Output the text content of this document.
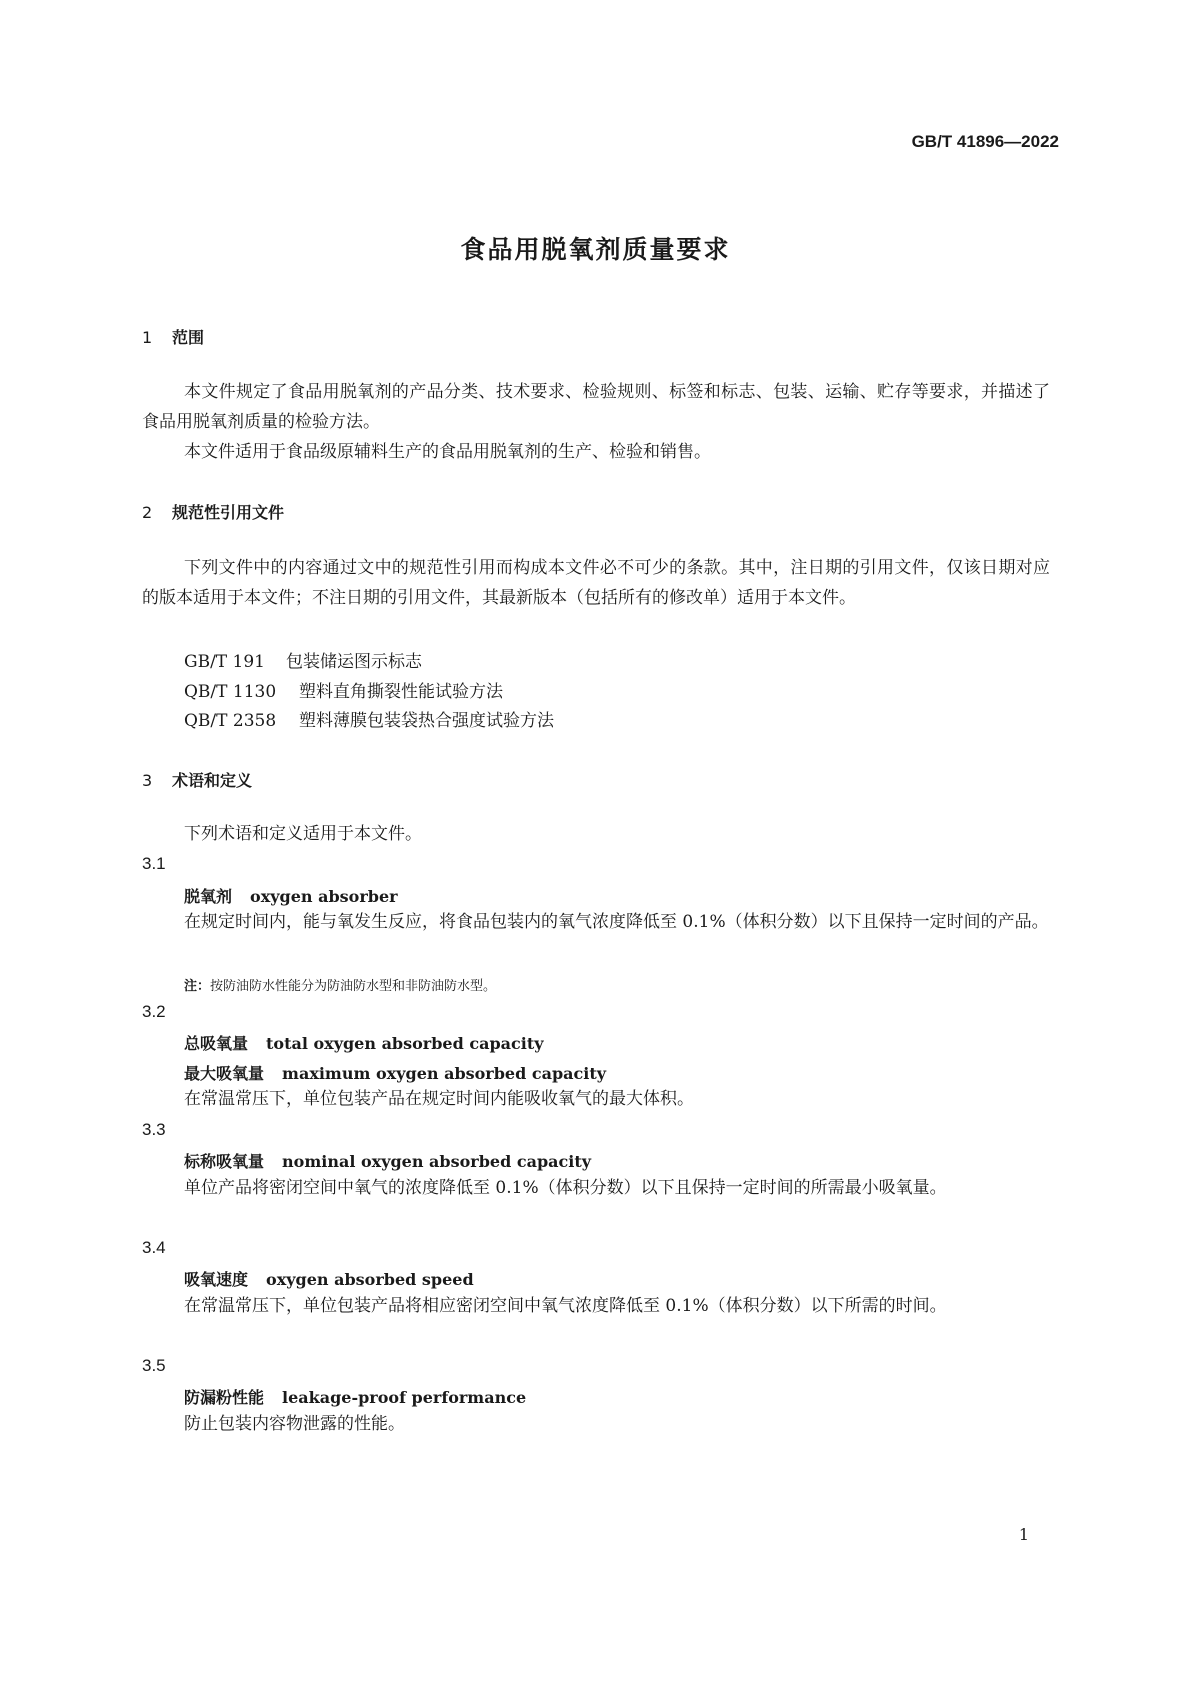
GB/T 41896—2022
食品用脱氧剂质量要求
1 范围
本文件规定了食品用脱氧剂的产品分类、技术要求、检验规则、标签和标志、包装、运输、贮存等要求，并描述了食品用脱氧剂质量的检验方法。
本文件适用于食品级原辅料生产的食品用脱氧剂的生产、检验和销售。
2 规范性引用文件
下列文件中的内容通过文中的规范性引用而构成本文件必不可少的条款。其中，注日期的引用文件，仅该日期对应的版本适用于本文件；不注日期的引用文件，其最新版本（包括所有的修改单）适用于本文件。
GB/T 191 包装储运图示标志
QB/T 1130 塑料直角撕裂性能试验方法
QB/T 2358 塑料薄膜包装袋热合强度试验方法
3 术语和定义
下列术语和定义适用于本文件。
3.1
脱氧剂 oxygen absorber
在规定时间内，能与氧发生反应，将食品包装内的氧气浓度降低至 0.1%（体积分数）以下且保持一定时间的产品。
注：按防油防水性能分为防油防水型和非防油防水型。
3.2
总吸氧量 total oxygen absorbed capacity
最大吸氧量 maximum oxygen absorbed capacity
在常温常压下，单位包装产品在规定时间内能吸收氧气的最大体积。
3.3
标称吸氧量 nominal oxygen absorbed capacity
单位产品将密闭空间中氧气的浓度降低至 0.1%（体积分数）以下且保持一定时间的所需最小吸氧量。
3.4
吸氧速度 oxygen absorbed speed
在常温常压下，单位包装产品将相应密闭空间中氧气浓度降低至 0.1%（体积分数）以下所需的时间。
3.5
防漏粉性能 leakage-proof performance
防止包装内容物泄露的性能。
1
